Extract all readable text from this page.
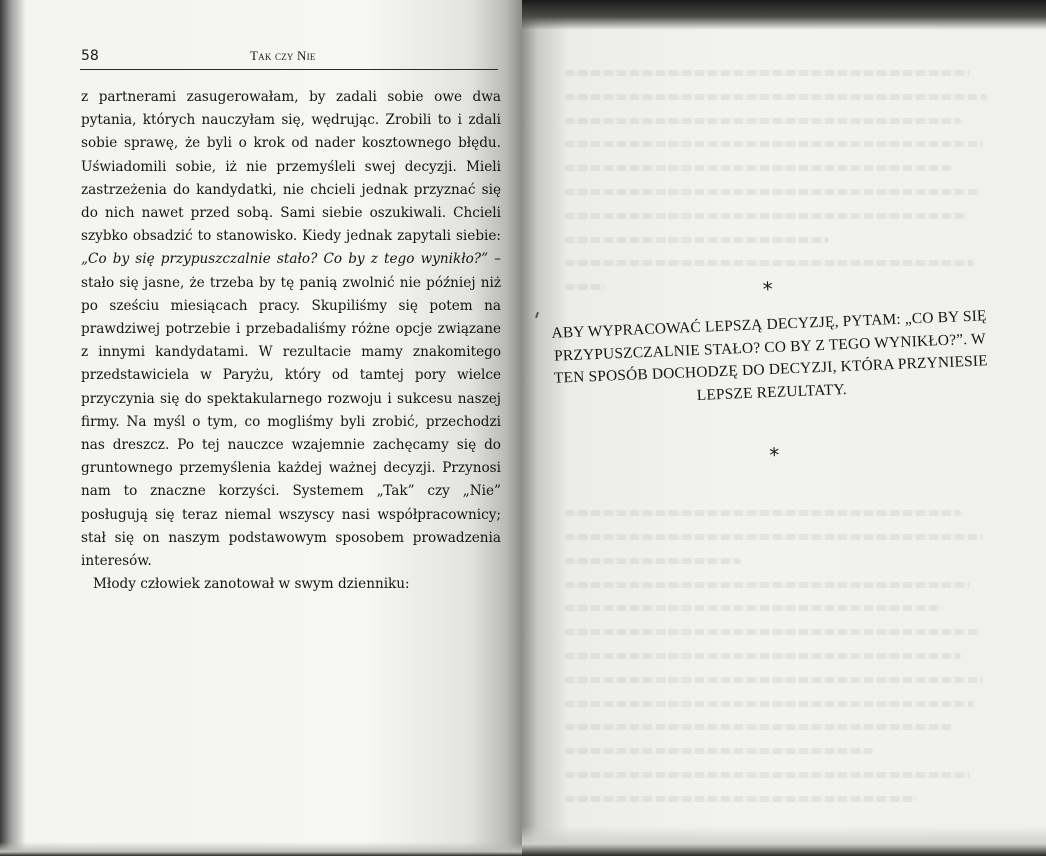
58	Tak czy Nie

z partnerami zasugerowałam, by zadali sobie owe dwa pytania, których nauczyłam się, wędrując. Zrobili to i zdali sobie sprawę, że byli o krok od nader kosztownego błędu. Uświadomili sobie, iż nie przemyśleli swej decyzji. Mieli zastrzeżenia do kandydatki, nie chcieli jednak przyznać się do nich nawet przed sobą. Sami siebie oszukiwali. Chcieli szybko obsadzić to stanowisko. Kiedy jednak zapytali siebie: „Co by się przypuszczalnie stało? Co by z tego wynikło?” – stało się jasne, że trzeba by tę panią zwolnić nie później niż po sześciu miesiącach pracy. Skupiliśmy się potem na prawdziwej potrzebie i przebadaliśmy różne opcje związane z innymi kandydatami. W rezultacie mamy znakomitego przedstawiciela w Paryżu, który od tamtej pory wielce przyczynia się do spektakularnego rozwoju i sukcesu naszej firmy. Na myśl o tym, co mogliśmy byli zrobić, przechodzi nas dreszcz. Po tej nauczce wzajemnie zachęcamy się do gruntownego przemyślenia każdej ważnej decyzji. Przynosi nam to znaczne korzyści. Systemem „Tak” czy „Nie” posługują się teraz niemal wszyscy nasi współpracownicy; stał się on naszym podstawowym sposobem prowadzenia interesów.

Młody człowiek zanotował w swym dzienniku:

*

ABY WYPRACOWAĆ LEPSZĄ DECYZJĘ, PYTAM: „CO BY SIĘ PRZYPUSZCZALNIE STAŁO? CO BY Z TEGO WYNIKŁO?”. W TEN SPOSÓB DOCHODZĘ DO DECYZJI, KTÓRA PRZYNIESIE LEPSZE REZULTATY.

*
